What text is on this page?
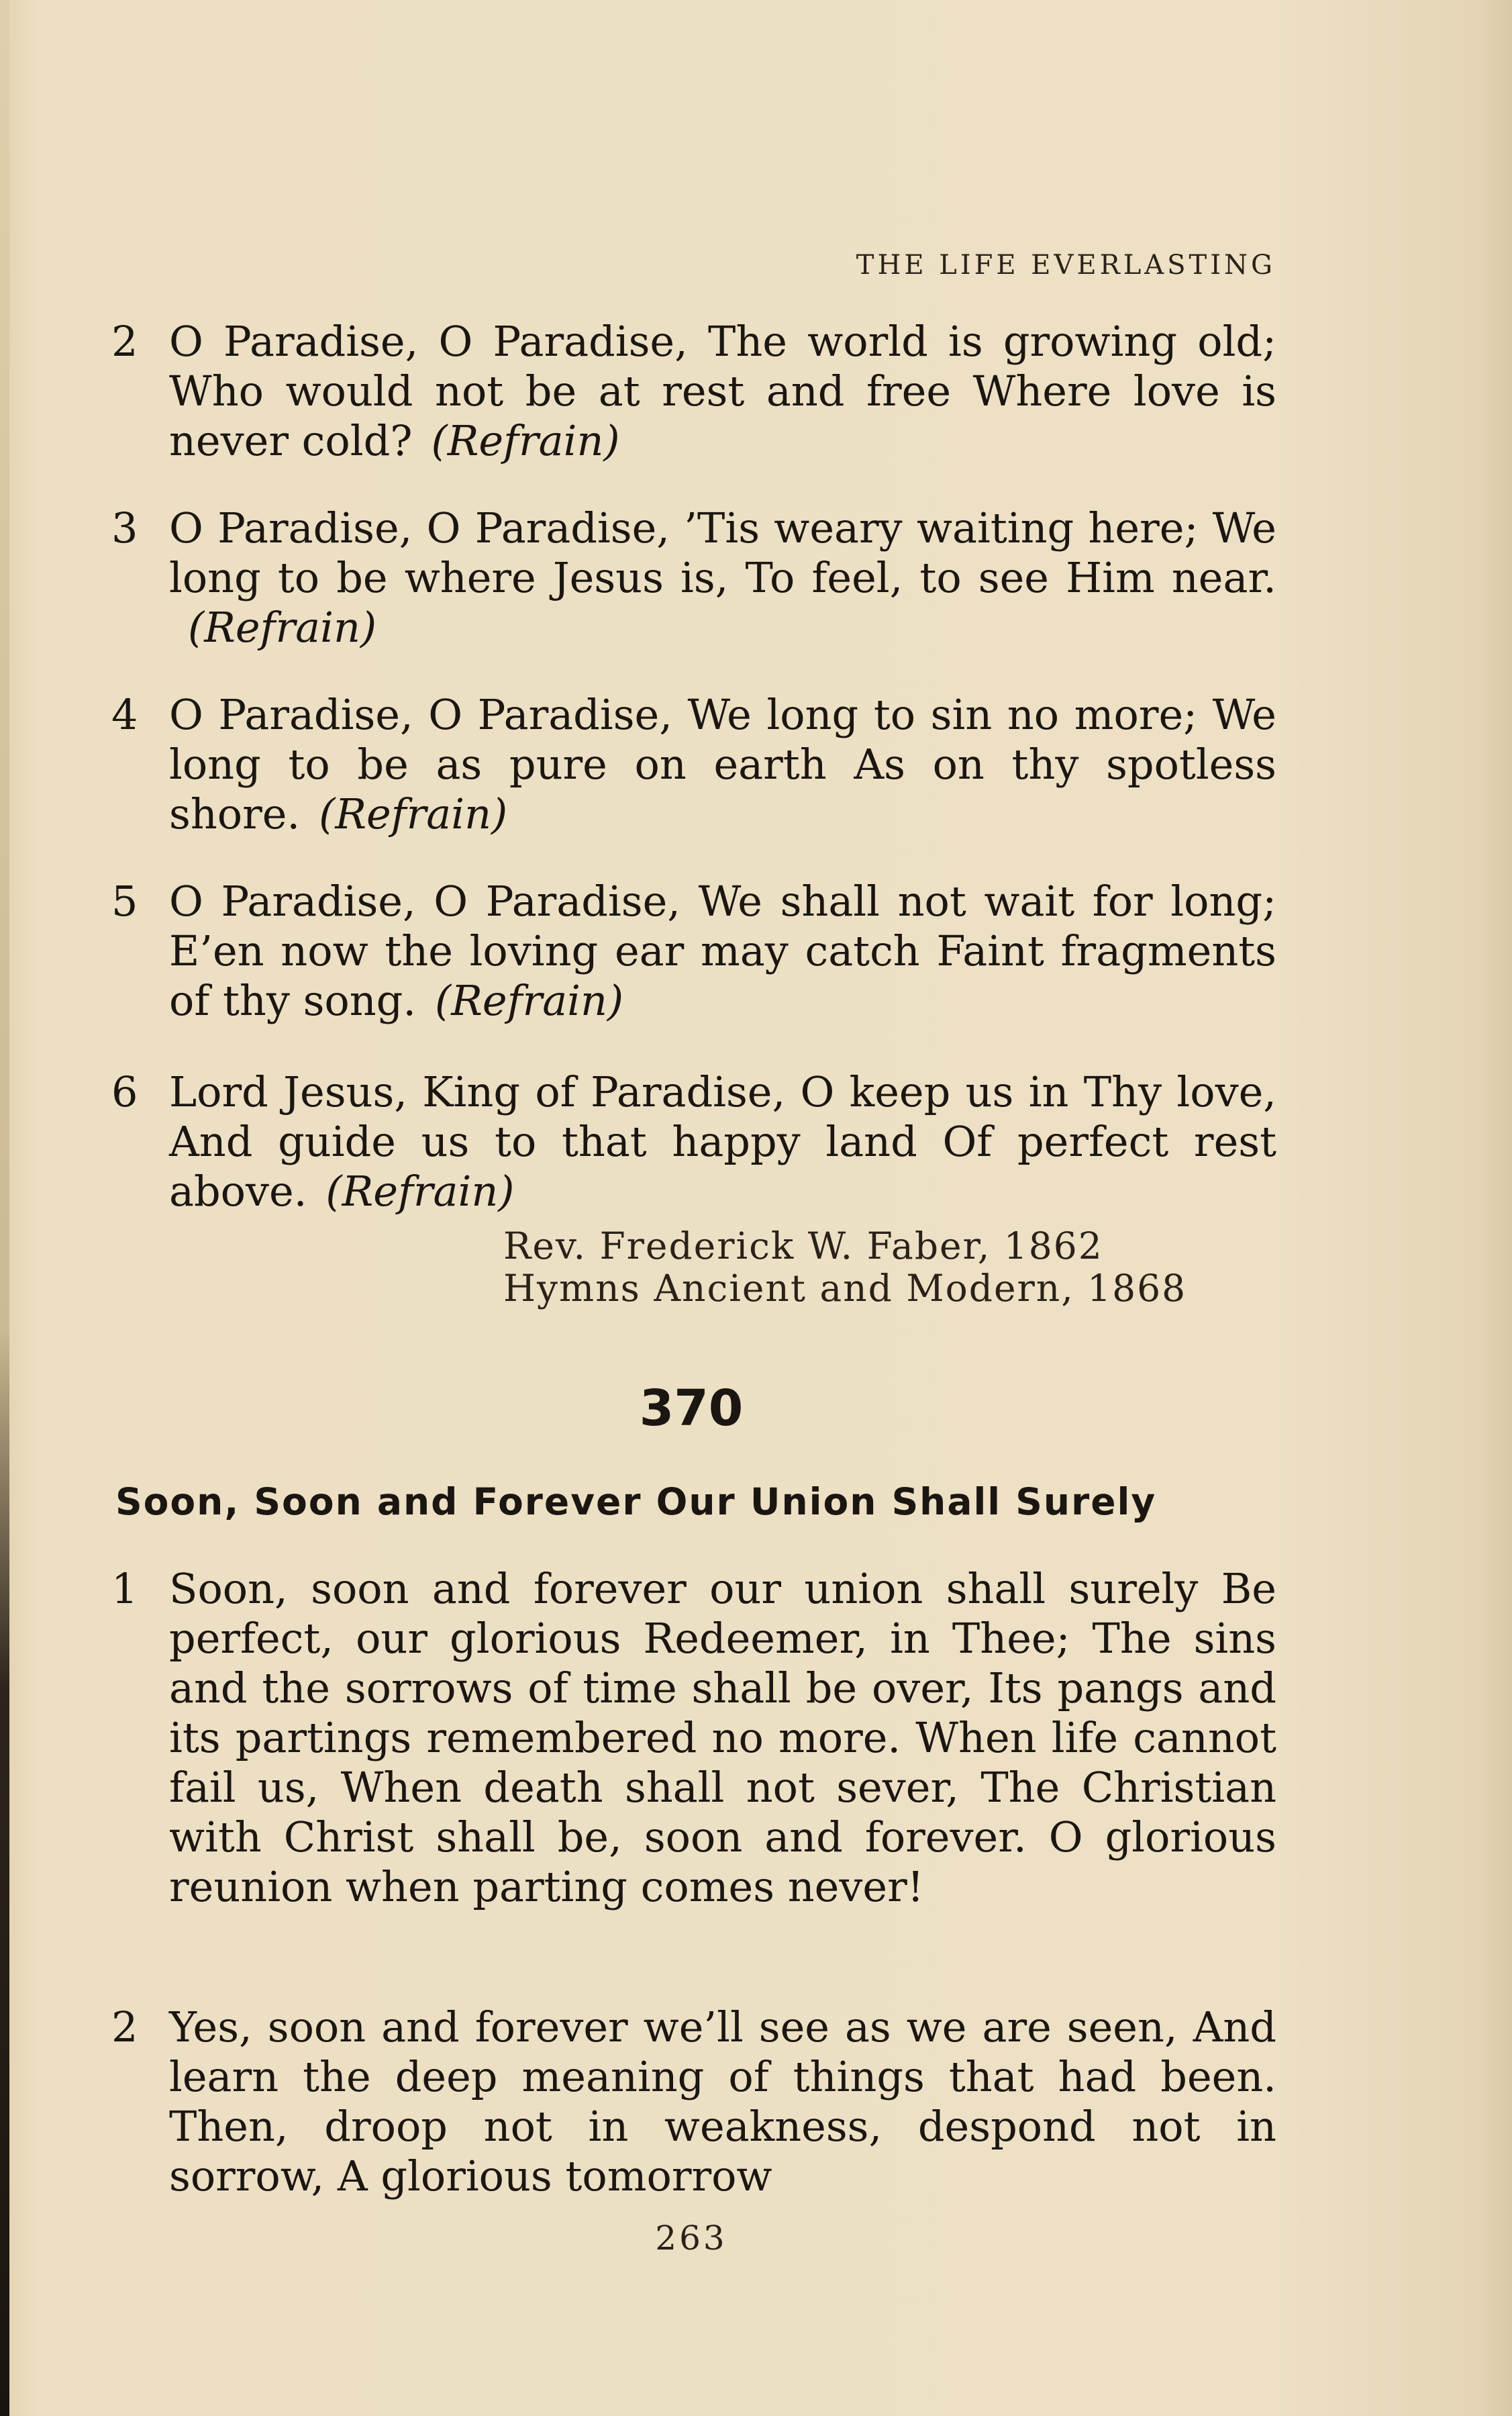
THE LIFE EVERLASTING
2 O Paradise, O Paradise, The world is growing old; Who would not be at rest and free Where love is never cold? (Refrain)
3 O Paradise, O Paradise, ’Tis weary waiting here; We long to be where Jesus is, To feel, to see Him near.(Refrain)
4 O Paradise, O Paradise, We long to sin no more; We long to be as pure on earth As on thy spotless shore. (Refrain)
5 O Paradise, O Paradise, We shall not wait for long; E’en now the loving ear may catch Faint fragments of thy song. (Refrain)
6 Lord Jesus, King of Paradise, O keep us in Thy love, And guide us to that happy land Of perfect rest above. (Refrain)
Rev. Frederick W. Faber, 1862
Hymns Ancient and Modern, 1868
370
Soon, Soon and Forever Our Union Shall Surely
1 Soon, soon and forever our union shall surely Be perfect, our glorious Redeemer, in Thee; The sins and the sorrows of time shall be over, Its pangs and its partings remembered no more. When life cannot fail us, When death shall not sever, The Christian with Christ shall be, soon and forever. O glorious reunion when parting comes never!
2 Yes, soon and forever we’ll see as we are seen, And learn the deep meaning of things that had been. Then, droop not in weakness, despond not in sorrow, A glorious tomorrow
263
